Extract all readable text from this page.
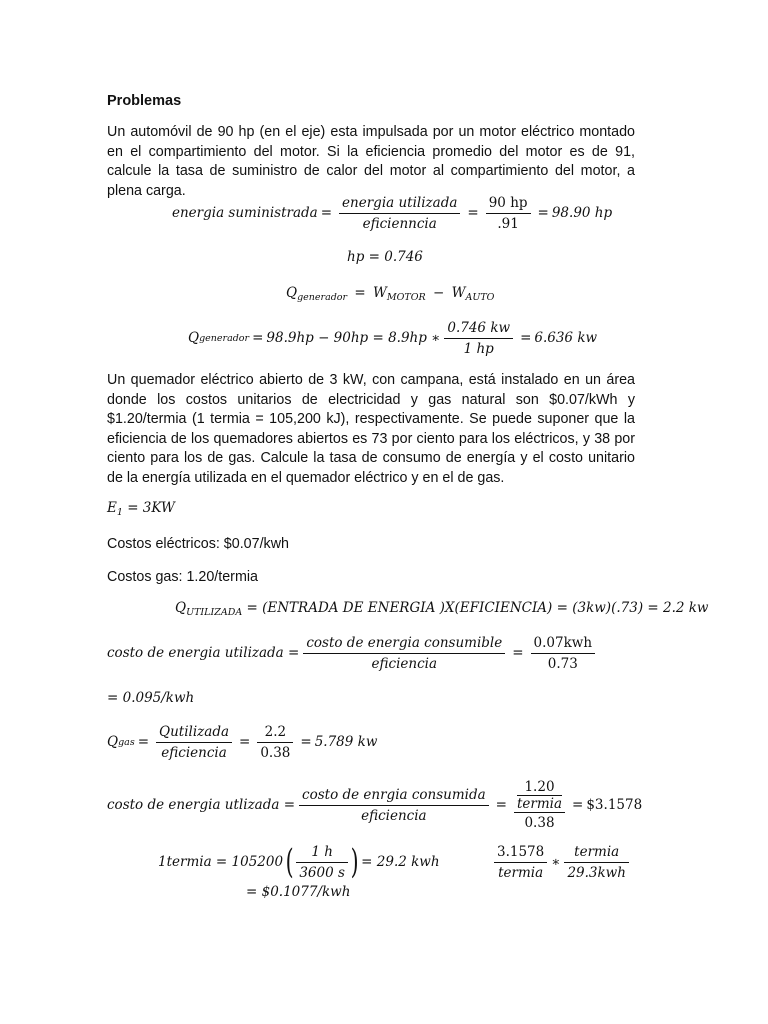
Problemas
Un automóvil de 90 hp (en el eje) esta impulsada por un motor eléctrico montado en el compartimiento del motor. Si la eficiencia promedio del motor es de 91, calcule la tasa de suministro de calor del motor al compartimiento del motor, a plena carga.
energia suministrada = $\frac{\text{energia utilizada}}{\text{eficienncia}} = \frac{90 hp}{.91} = 98.90$ hp
hp = 0.746
$Q_{generador} = W_{MOTOR} - W_{AUTO}$
Q generador = 98.9hp − 90hp = 8.9hp ∗ $\frac{0.746 kw}{1 hp} = 6.636$ kw
Un quemador eléctrico abierto de 3 kW, con campana, está instalado en un área donde los costos unitarios de electricidad y gas natural son $0.07/kWh y $1.20/termia (1 termia = 105,200 kJ), respectivamente. Se puede suponer que la eficiencia de los quemadores abiertos es 73 por ciento para los eléctricos, y 38 por ciento para los de gas. Calcule la tasa de consumo de energía y el costo unitario de la energía utilizada en el quemador eléctrico y en el de gas.
$E_1 = 3KW$
Costos eléctricos: $0.07/kwh
Costos gas: 1.20/termia
$Q_{UTILIZADA}$ = (ENTRADA DE ENERGIA )X(EFICIENCIA) = (3kw)(.73) = 2.2 kw
costo de energia utilizada = $\frac{\text{costo de energia consumible}}{\text{eficiencia}} = \frac{\text{0.07kwh}}{0.73}$
= 0.095/kwh
Q gas = $\frac{\text{Qutilizada}}{\text{eficiencia}} = \frac{2.2}{0.38} = 5.789$ kw
costo de energia utlizada = $\frac{\text{costo de enrgia consumida}}{\text{eficiencia}} = 1.20$
termia
0.38 = $3.1578
1termia = 105200 ( $\frac{1 h}{3600 s}$ ) = 29.2 kwh
= $0.1077/kwh
$\frac{3.1578}{\text{termia}}$ ∗ $\frac{\text{termia}}{\text{29.3kwh}}$
